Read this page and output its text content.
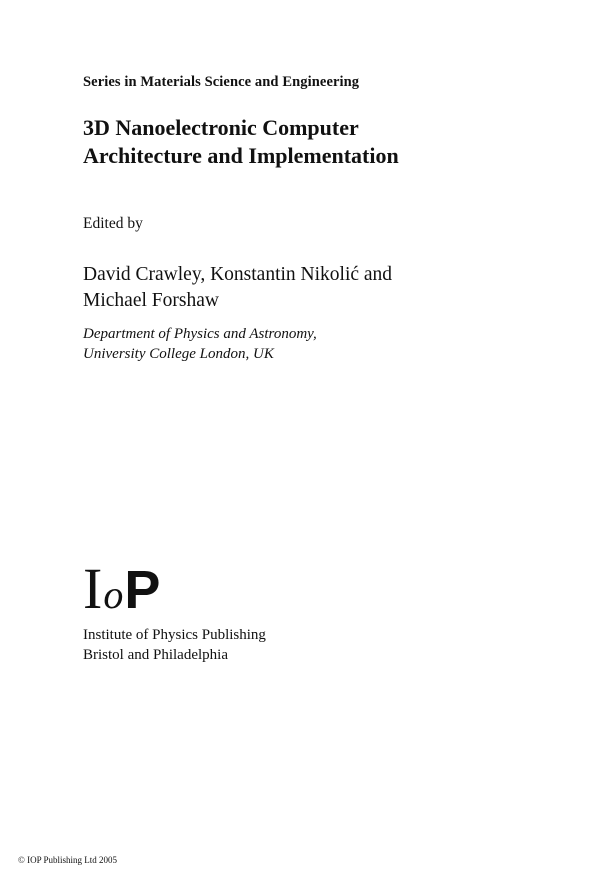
Series in Materials Science and Engineering
3D Nanoelectronic Computer
Architecture and Implementation
Edited by
David Crawley, Konstantin Nikolić and
Michael Forshaw
Department of Physics and Astronomy,
University College London, UK
I o P
Institute of Physics Publishing
Bristol and Philadelphia
© IOP Publishing Ltd 2005
